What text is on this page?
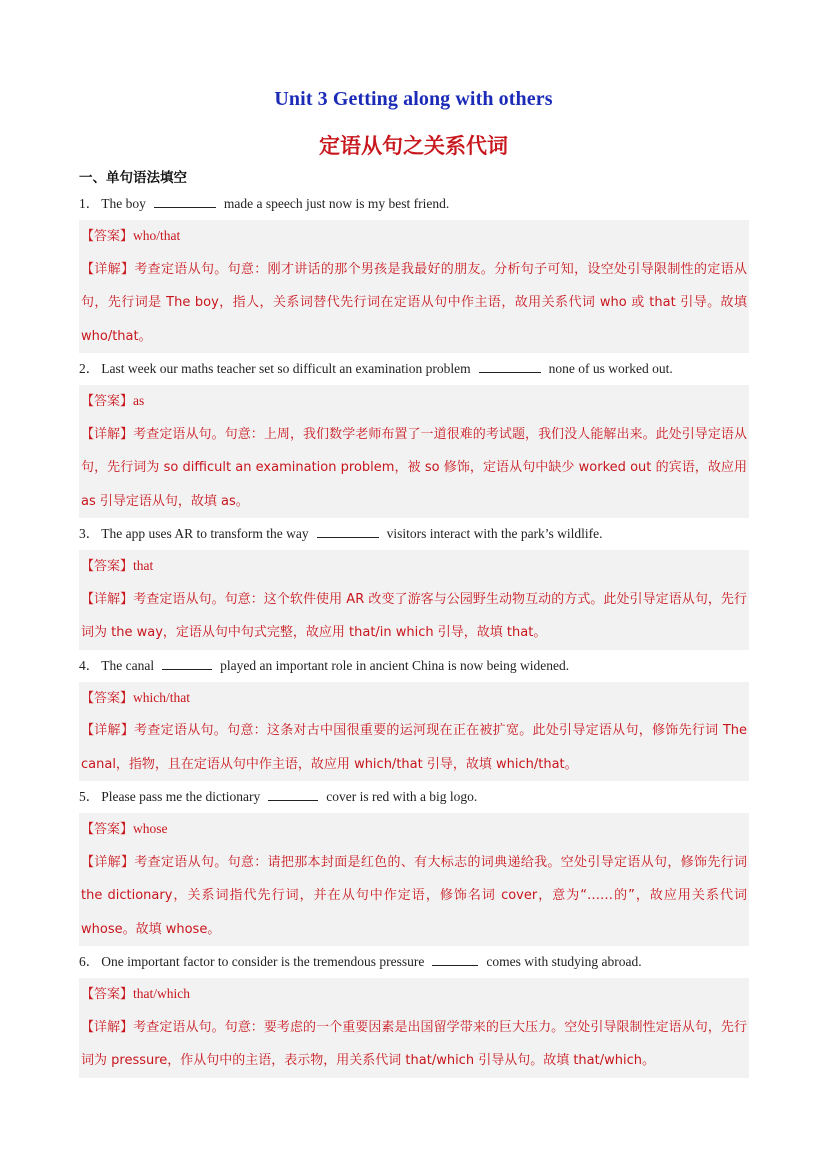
Unit 3 Getting along with others
定语从句之关系代词
一、单句语法填空
1． The boy	made a speech just now is my best friend.
【答案】who/that
【详解】考查定语从句。句意：刚才讲话的那个男孩是我最好的朋友。分析句子可知，设空处引导限制性的定语从句，先行词是 The boy，指人，关系词替代先行词在定语从句中作主语，故用关系代词 who 或 that 引导。故填 who/that。
2． Last week our maths teacher set so difficult an examination problem	none of us worked out.
【答案】as
【详解】考查定语从句。句意：上周，我们数学老师布置了一道很难的考试题，我们没人能解出来。此处引导定语从句，先行词为 so difficult an examination problem，被 so 修饰，定语从句中缺少 worked out 的宾语，故应用 as 引导定语从句，故填 as。
3． The app uses AR to transform the way	visitors interact with the park’s wildlife.
【答案】that
【详解】考查定语从句。句意：这个软件使用 AR 改变了游客与公园野生动物互动的方式。此处引导定语从句，先行词为 the way，定语从句中句式完整，故应用 that/in which 引导，故填 that。
4． The canal	played an important role in ancient China is now being widened.
【答案】which/that
【详解】考查定语从句。句意：这条对古中国很重要的运河现在正在被扩宽。此处引导定语从句，修饰先行词 The canal，指物，且在定语从句中作主语，故应用 which/that 引导，故填 which/that。
5． Please pass me the dictionary	cover is red with a big logo.
【答案】whose
【详解】考查定语从句。句意：请把那本封面是红色的、有大标志的词典递给我。空处引导定语从句，修饰先行词 the dictionary，关系词指代先行词，并在从句中作定语，修饰名词 cover，意为“……的”，故应用关系代词 whose。故填 whose。
6． One important factor to consider is the tremendous pressure	comes with studying abroad.
【答案】that/which
【详解】考查定语从句。句意：要考虑的一个重要因素是出国留学带来的巨大压力。空处引导限制性定语从句，先行词为 pressure，作从句中的主语，表示物，用关系代词 that/which 引导从句。故填 that/which。
